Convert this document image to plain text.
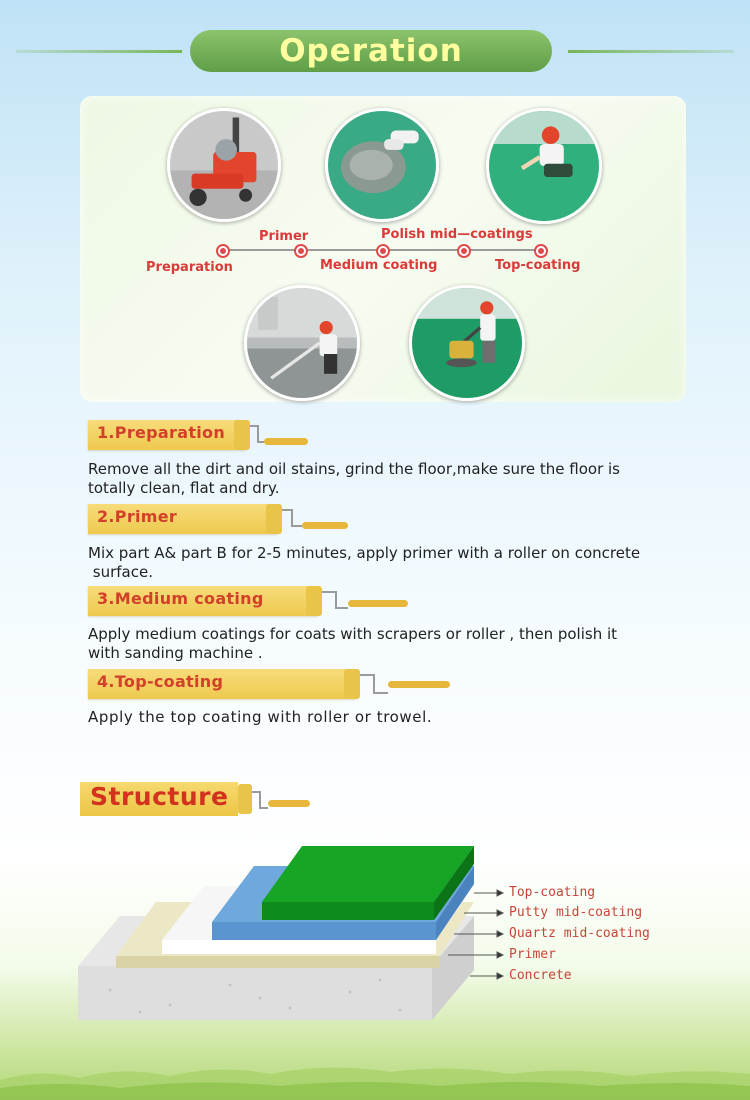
Operation
Preparation
Primer
Medium coating
Polish mid—coatings
Top-coating
1.Preparation
Remove all the dirt and oil stains, grind the floor,make sure the floor is
totally clean, flat and dry.
2.Primer
Mix part A& part B for 2-5 minutes, apply primer with a roller on concrete
surface.
3.Medium coating
Apply medium coatings for coats with scrapers or roller , then polish it
with sanding machine .
4.Top-coating
Apply the top coating with roller or trowel.
Structure
Top-coating
Putty mid-coating
Quartz mid-coating
Primer
Concrete
